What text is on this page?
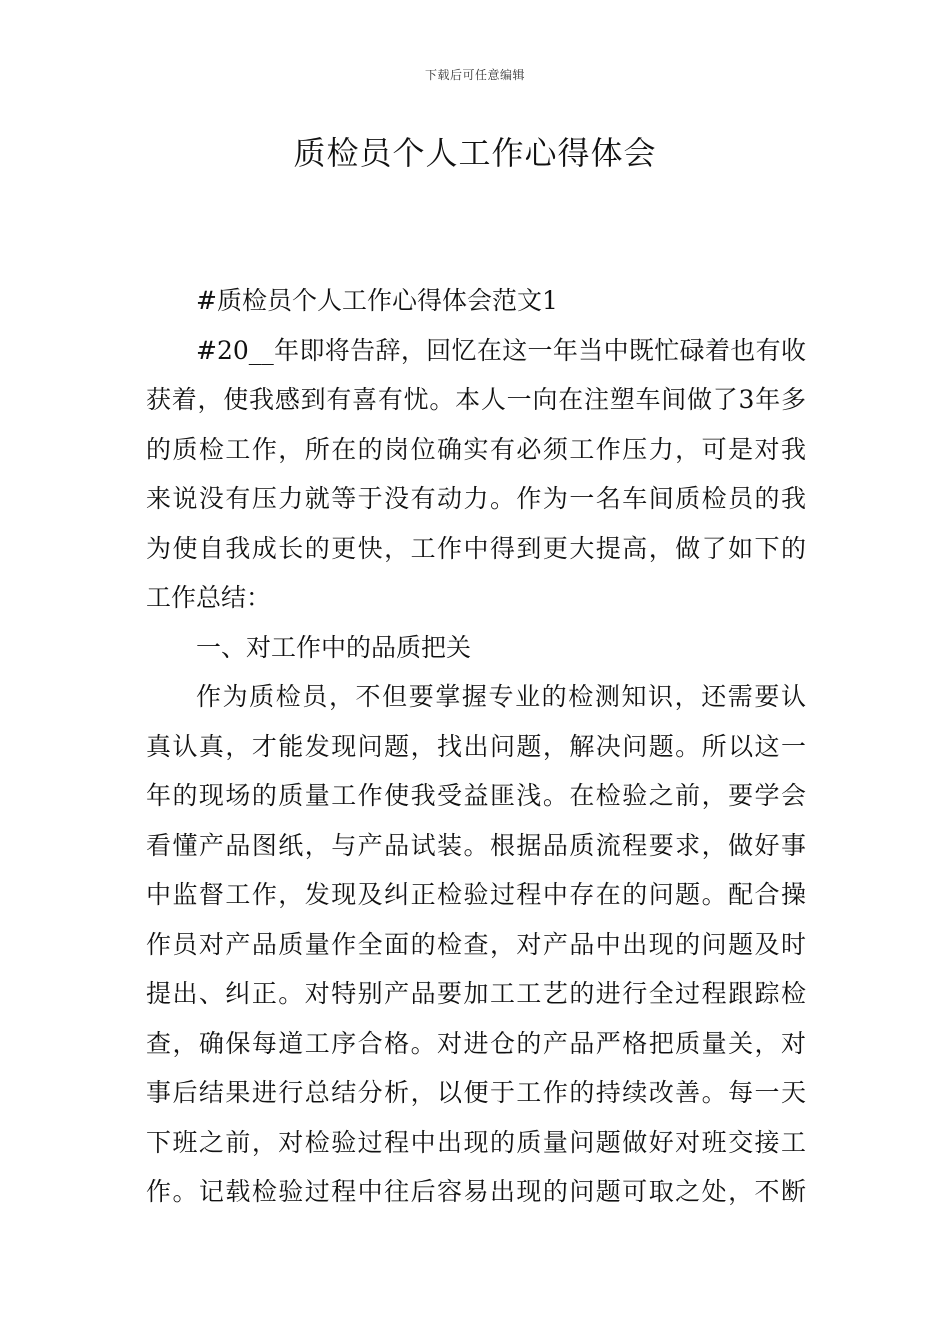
下载后可任意编辑
质检员个人工作心得体会
#质检员个人工作心得体会范文1
#20__年即将告辞，回忆在这一年当中既忙碌着也有收
获着，使我感到有喜有忧。本人一向在注塑车间做了3年多
的质检工作，所在的岗位确实有必须工作压力，可是对我
来说没有压力就等于没有动力。作为一名车间质检员的我
为使自我成长的更快，工作中得到更大提高，做了如下的
工作总结：
一、对工作中的品质把关
作为质检员，不但要掌握专业的检测知识，还需要认
真认真，才能发现问题，找出问题，解决问题。所以这一
年的现场的质量工作使我受益匪浅。在检验之前，要学会
看懂产品图纸，与产品试装。根据品质流程要求，做好事
中监督工作，发现及纠正检验过程中存在的问题。配合操
作员对产品质量作全面的检查，对产品中出现的问题及时
提出、纠正。对特别产品要加工工艺的进行全过程跟踪检
查，确保每道工序合格。对进仓的产品严格把质量关，对
事后结果进行总结分析，以便于工作的持续改善。每一天
下班之前，对检验过程中出现的质量问题做好对班交接工
作。记载检验过程中往后容易出现的问题可取之处，不断
